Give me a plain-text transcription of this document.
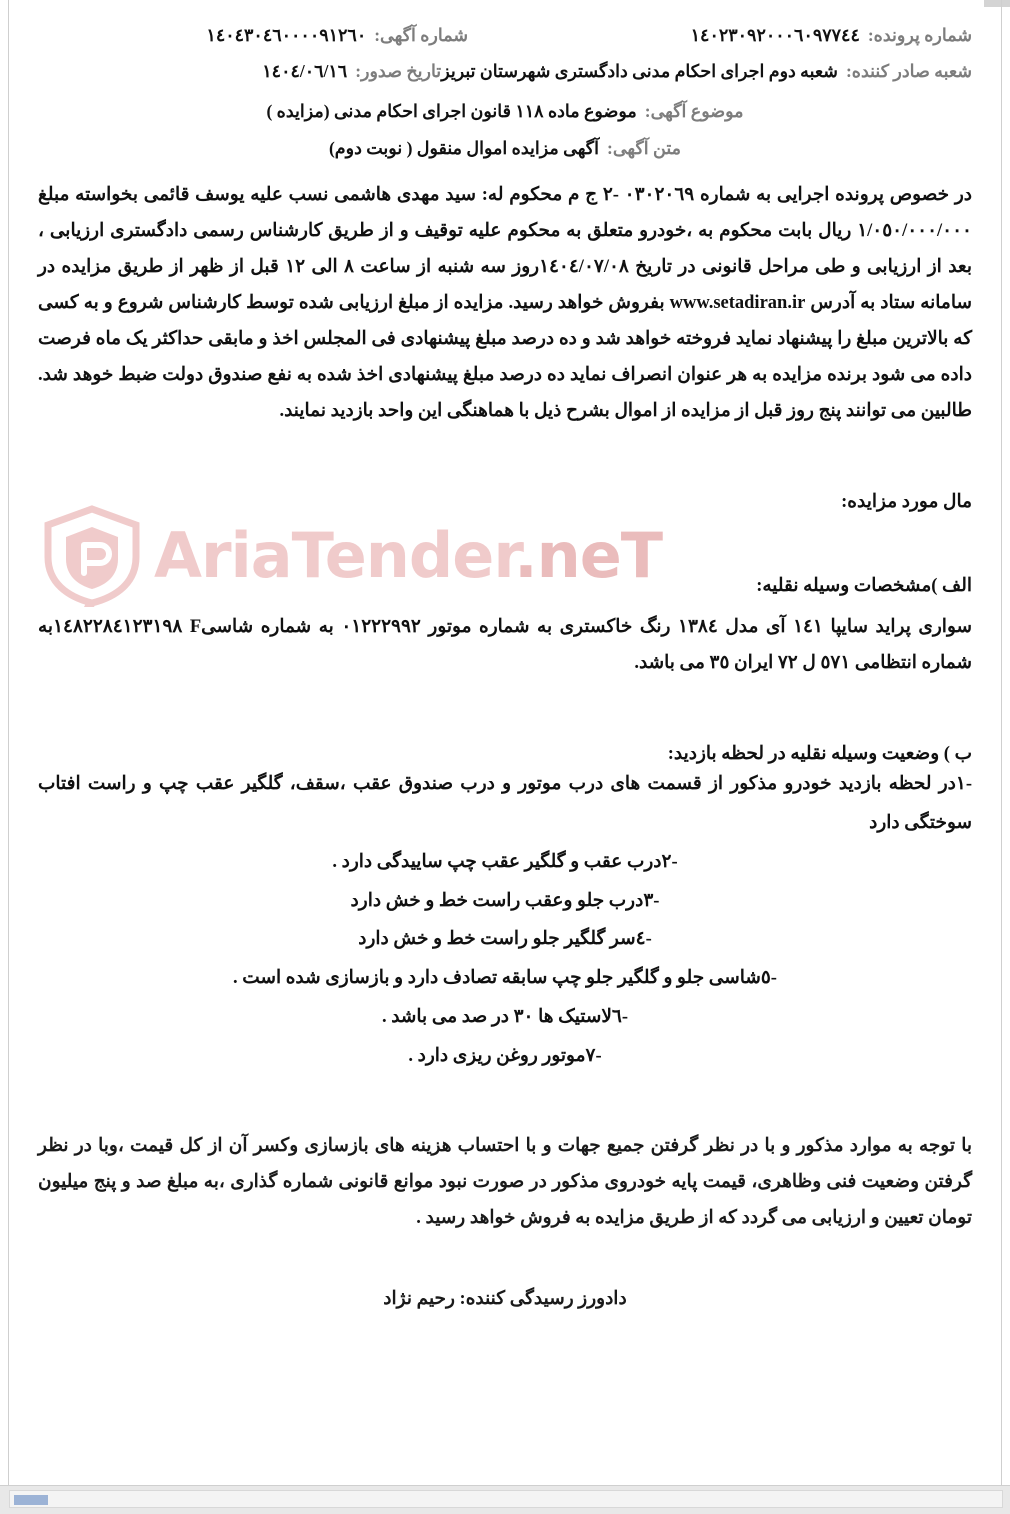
AriaTender.neT
شماره پرونده:
١٤٠٢٣٠٩٢٠٠٠٦٠٩٧٧٤٤
شماره آگهی:
١٤٠٤٣٠٤٦٠٠٠٠٩١٢٦٠
شعبه صادر کننده:
شعبه دوم اجرای احکام مدنی دادگستری شهرستان تبریز
تاریخ صدور:
١٤٠٤/٠٦/١٦
موضوع آگهی:
موضوع ماده ١١٨ قانون اجرای احکام مدنی (مزایده )
متن آگهی:
آگهی مزایده اموال منقول ( نوبت دوم)
در خصوص پرونده اجرایی به شماره ٠٣٠٢٠٦٩ -٢ ج م محکوم له: سید مهدی هاشمی نسب علیه یوسف قائمی بخواسته مبلغ ١/٠٥٠/٠٠٠/٠٠٠ ریال بابت محکوم به ،خودرو متعلق به محکوم علیه توقیف و از طریق کارشناس رسمی دادگستری ارزیابی ، بعد از ارزیابی و طی مراحل قانونی در تاریخ ١٤٠٤/٠٧/٠٨روز سه شنبه از ساعت ٨ الی ١٢ قبل از ظهر از طریق مزایده در سامانه ستاد به آدرس www.setadiran.ir بفروش خواهد رسید. مزایده از مبلغ ارزیابی شده توسط کارشناس شروع و به کسی که بالاترین مبلغ را پیشنهاد نماید فروخته خواهد شد و ده درصد مبلغ پیشنهادی فی المجلس اخذ و مابقی حداکثر یک ماه فرصت داده می شود برنده مزایده به هر عنوان انصراف نماید ده درصد مبلغ پیشنهادی اخذ شده به نفع صندوق دولت ضبط خوهد شد. طالبین می توانند پنج روز قبل از مزایده از اموال بشرح ذیل با هماهنگی این واحد بازدید نمایند.
مال مورد مزایده:
الف )مشخصات وسیله نقلیه:
سواری پراید سایپا ١٤١ آی مدل ١٣٨٤ رنگ خاکستری به شماره موتور ٠١٢٢٢٩٩٢ به شماره شاسیF ١٤٨٢٢٨٤١٢٣١٩٨به شماره انتظامی ٥٧١ ل ٧٢ ایران ٣٥ می باشد.
ب ) وضعیت وسیله نقلیه در لحظه بازدید:
-١در لحظه بازدید خودرو مذکور از قسمت های درب موتور و درب صندوق عقب ،سقف، گلگیر عقب چپ و راست افتاب سوختگی دارد
-٢درب عقب و گلگیر عقب چپ ساییدگی دارد .
-٣درب جلو وعقب راست خط و خش دارد
-٤سر گلگیر جلو راست خط و خش دارد
-٥شاسی جلو و گلگیر جلو چپ سابقه تصادف دارد و بازسازی شده است .
-٦لاستیک ها ٣٠ در صد می باشد .
-٧موتور روغن ریزی دارد .
با توجه به موارد مذکور و با در نظر گرفتن جمیع جهات و با احتساب هزینه های بازسازی وکسر آن از کل قیمت ،وبا در نظر گرفتن وضعیت فنی وظاهری، قیمت پایه خودروی مذکور در صورت نبود موانع قانونی شماره گذاری ،به مبلغ صد و پنج میلیون تومان تعیین و ارزیابی می گردد که از طریق مزایده به فروش خواهد رسید .
دادورز رسیدگی کننده: رحیم نژاد
